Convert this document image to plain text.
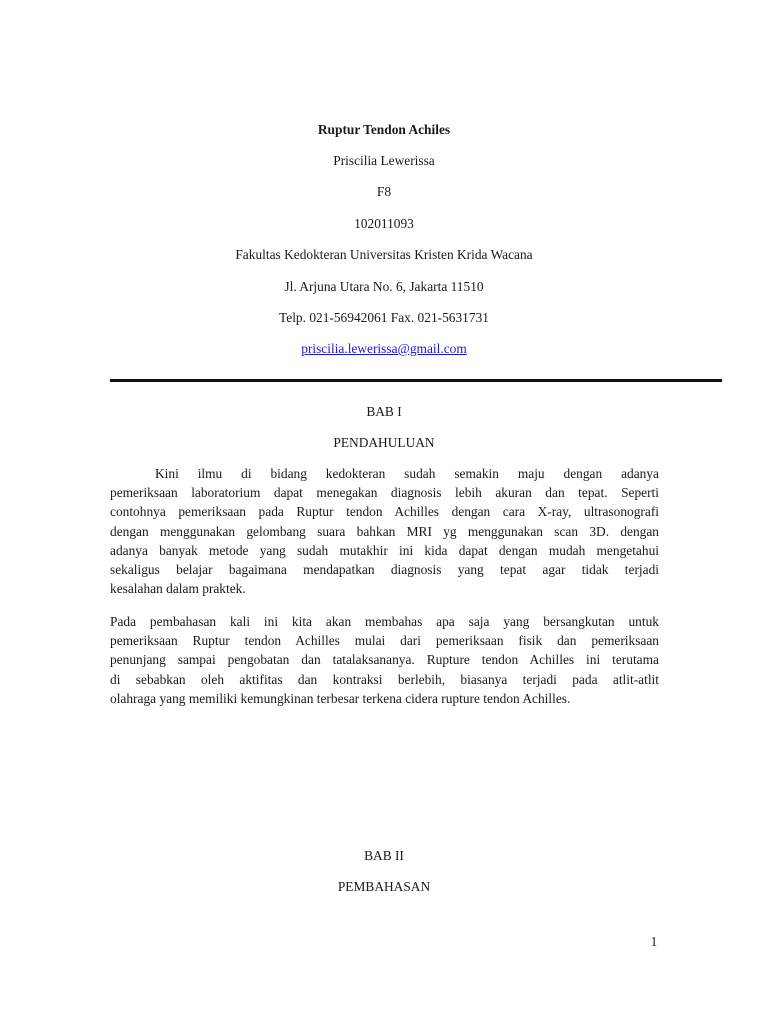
Ruptur Tendon Achiles
Priscilia Lewerissa
F8
102011093
Fakultas Kedokteran Universitas Kristen Krida Wacana
Jl. Arjuna Utara No. 6, Jakarta 11510
Telp. 021-56942061 Fax. 021-5631731
priscilia.lewerissa@gmail.com
BAB I
PENDAHULUAN
Kini ilmu di bidang kedokteran sudah semakin maju dengan adanya
pemeriksaan laboratorium dapat menegakan diagnosis lebih akuran dan tepat. Seperti
contohnya pemeriksaan pada Ruptur tendon Achilles dengan cara X-ray, ultrasonografi
dengan menggunakan gelombang suara bahkan MRI yg menggunakan scan 3D. dengan
adanya banyak metode yang sudah mutakhir ini kida dapat dengan mudah mengetahui
sekaligus belajar bagaimana mendapatkan diagnosis yang tepat agar tidak terjadi
kesalahan dalam praktek.
Pada pembahasan kali ini kita akan membahas apa saja yang bersangkutan untuk
pemeriksaan Ruptur tendon Achilles mulai dari pemeriksaan fisik dan pemeriksaan
penunjang sampai pengobatan dan tatalaksananya. Rupture tendon Achilles ini terutama
di sebabkan oleh aktifitas dan kontraksi berlebih, biasanya terjadi pada atlit-atlit
olahraga yang memiliki kemungkinan terbesar terkena cidera rupture tendon Achilles.
BAB II
PEMBAHASAN
1
